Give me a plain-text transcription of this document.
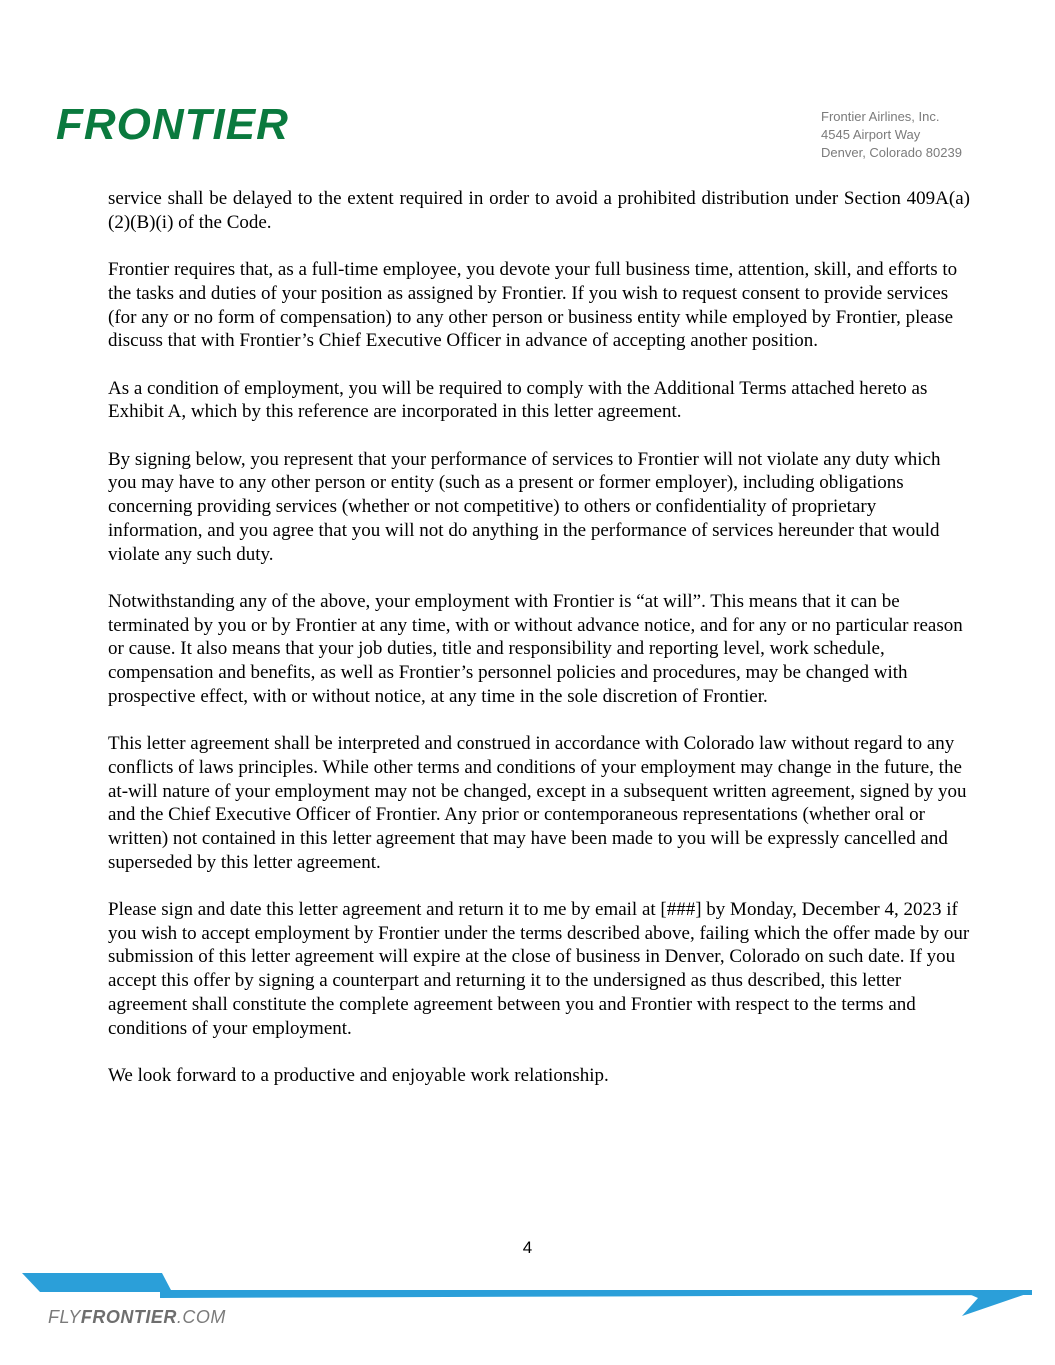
FRONTIER	Frontier Airlines, Inc.
4545 Airport Way
Denver, Colorado 80239

service shall be delayed to the extent required in order to avoid a prohibited distribution under Section 409A(a)(2)(B)(i) of the Code.

Frontier requires that, as a full-time employee, you devote your full business time, attention, skill, and efforts to the tasks and duties of your position as assigned by Frontier. If you wish to request consent to provide services (for any or no form of compensation) to any other person or business entity while employed by Frontier, please discuss that with Frontier’s Chief Executive Officer in advance of accepting another position.

As a condition of employment, you will be required to comply with the Additional Terms attached hereto as Exhibit A, which by this reference are incorporated in this letter agreement.

By signing below, you represent that your performance of services to Frontier will not violate any duty which you may have to any other person or entity (such as a present or former employer), including obligations concerning providing services (whether or not competitive) to others or confidentiality of proprietary information, and you agree that you will not do anything in the performance of services hereunder that would violate any such duty.

Notwithstanding any of the above, your employment with Frontier is “at will”. This means that it can be terminated by you or by Frontier at any time, with or without advance notice, and for any or no particular reason or cause. It also means that your job duties, title and responsibility and reporting level, work schedule, compensation and benefits, as well as Frontier’s personnel policies and procedures, may be changed with prospective effect, with or without notice, at any time in the sole discretion of Frontier.

This letter agreement shall be interpreted and construed in accordance with Colorado law without regard to any conflicts of laws principles. While other terms and conditions of your employment may change in the future, the at-will nature of your employment may not be changed, except in a subsequent written agreement, signed by you and the Chief Executive Officer of Frontier. Any prior or contemporaneous representations (whether oral or written) not contained in this letter agreement that may have been made to you will be expressly cancelled and superseded by this letter agreement.

Please sign and date this letter agreement and return it to me by email at [###] by Monday, December 4, 2023 if you wish to accept employment by Frontier under the terms described above, failing which the offer made by our submission of this letter agreement will expire at the close of business in Denver, Colorado on such date. If you accept this offer by signing a counterpart and returning it to the undersigned as thus described, this letter agreement shall constitute the complete agreement between you and Frontier with respect to the terms and conditions of your employment.

We look forward to a productive and enjoyable work relationship.

4
FLYFRONTIER.COM
